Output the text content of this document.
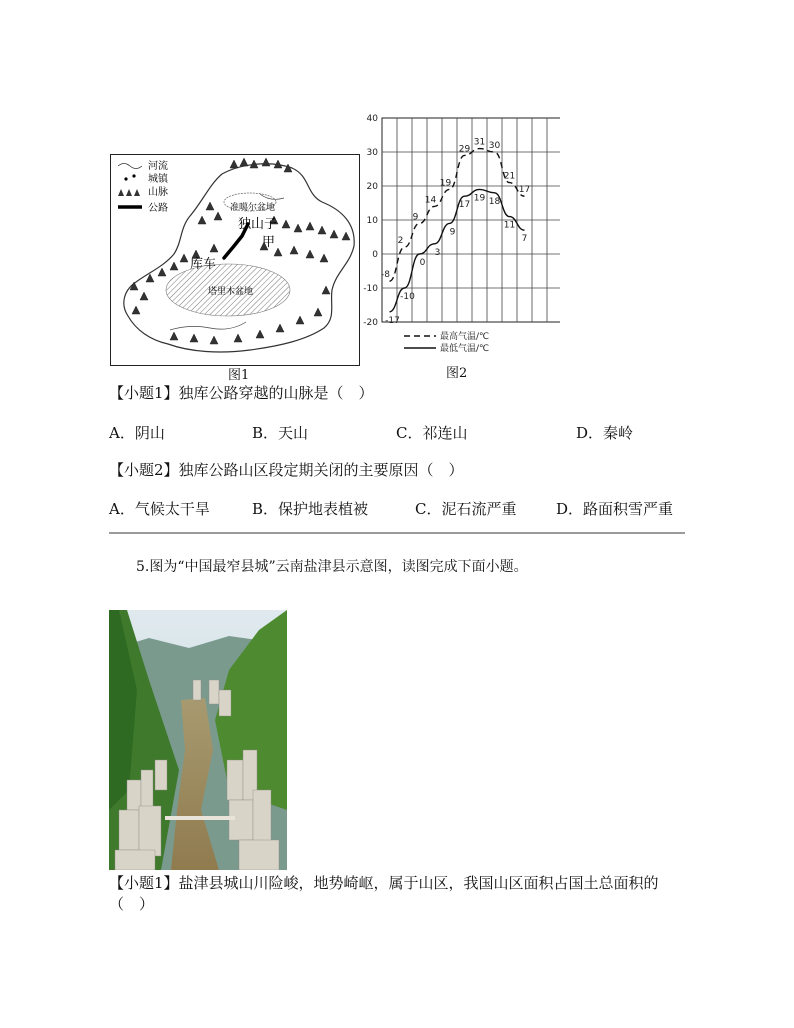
河流
城镇
山脉
公路	准噶尔盆地
独山子
甲
库车
塔里木盆地
图1
-20
-10
0
10
20
30
40
-8
2
9
14
19
29
31 30
21
17
-17
-10
0
3
9
17
19 18
11
7
最高气温/℃
最低气温/℃
图2
【小题1】独库公路穿越的山脉是（　）
A．阴山	B．天山	C．祁连山	D．秦岭
【小题2】独库公路山区段定期关闭的主要原因（　）
A．气候太干旱	B．保护地表植被	C．泥石流严重	D．路面积雪严重
5.图为“中国最窄县城”云南盐津县示意图，读图完成下面小题。
【小题1】盐津县城山川险峻，地势崎岖，属于山区，我国山区面积占国土总面积的
（　）
